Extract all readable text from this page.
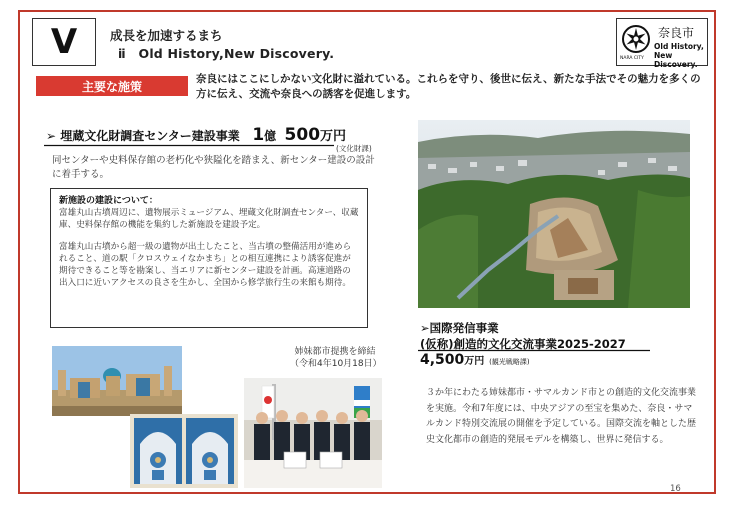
V	成長を加速するまち
ⅱ　Old History,New Discovery.
奈良市
Old History,
New Discovery.
NARA CITY
主要な施策
奈良にはここにしかない文化財に溢れている。これらを守り、後世に伝え、新たな手法でその魅力を多くの方に伝え、交流や奈良への誘客を促進します。
➢ 埋蔵文化財調査センター建設事業 1億 500万円
(文化財課)
同センターや史料保存館の老朽化や狭隘化を踏まえ、新センター建設の設計に着手する。
新施設の建設について：

富雄丸山古墳周辺に、遺物展示ミュージアム、埋蔵文化財調査センター、収蔵庫、史料保存館の機能を集約した新施設を建設予定。

富雄丸山古墳から超一級の遺物が出土したこと、当古墳の整備活用が進められること、道の駅「クロスウェイなかまち」との相互連携により誘客促進が期待できること等を勘案し、当エリアに新センター建設を計画。高速道路の出入口に近いアクセスの良さを生かし、全国から修学旅行生の来館も期待。

➢国際発信事業
(仮称)創造的文化交流事業2025-2027
4,500万円 (観光戦略課)
３か年にわたる姉妹都市・サマルカンド市との創造的文化交流事業を実施。令和7年度には、中央アジアの至宝を集めた、奈良・サマルカンド特別交流展の開催を予定している。国際交流を軸とした歴史文化都市の創造的発展モデルを構築し、世界に発信する。
姉妹都市提携を締結
（令和4年10月18日）
16
